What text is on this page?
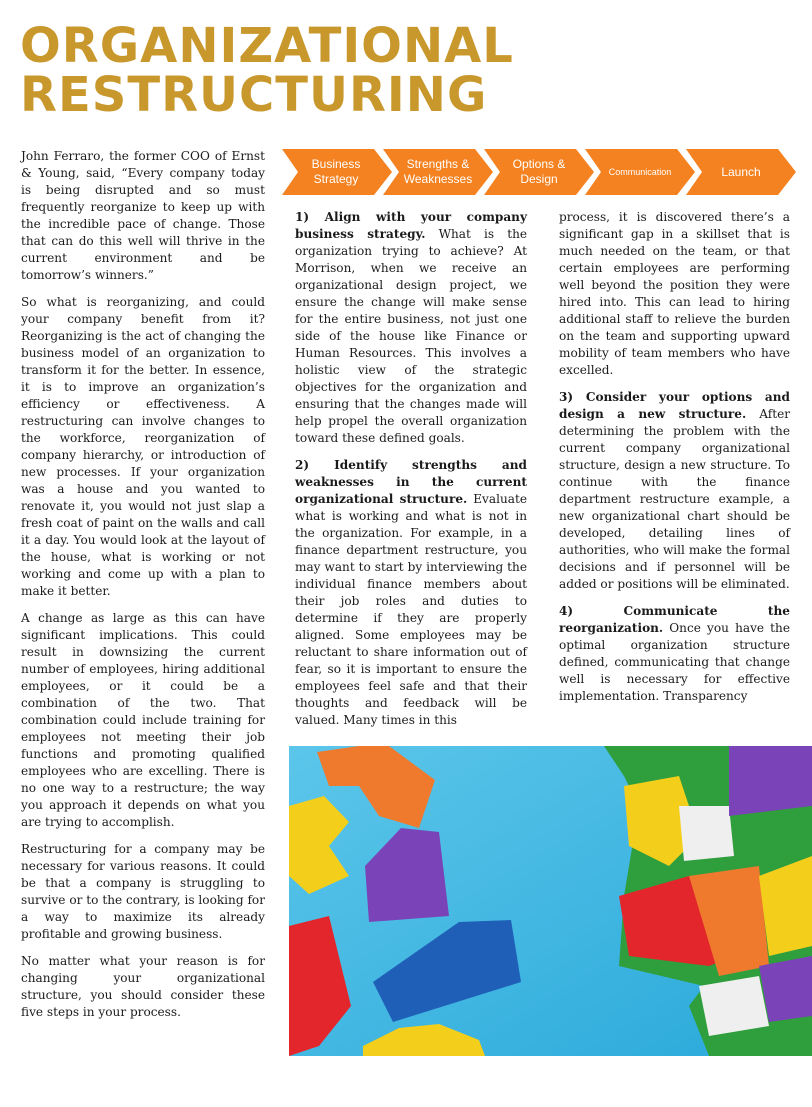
ORGANIZATIONAL
RESTRUCTURING
Business
Strategy
Strengths &
Weaknesses
Options &
Design
Communication	Launch

John Ferraro, the former COO of Ernst & Young, said, “Every company today is being disrupted and so must frequently reorganize to keep up with the incredible pace of change. Those that can do this well will thrive in the current environment and be tomorrow’s winners.”

So what is reorganizing, and could your company benefit from it? Reorganizing is the act of changing the business model of an organization to transform it for the better. In essence, it is to improve an organization’s efficiency or effectiveness. A restructuring can involve changes to the workforce, reorganization of company hierarchy, or introduction of new processes. If your organization was a house and you wanted to renovate it, you would not just slap a fresh coat of paint on the walls and call it a day. You would look at the layout of the house, what is working or not working and come up with a plan to make it better.

A change as large as this can have significant implications. This could result in downsizing the current number of employees, hiring additional employees, or it could be a combination of the two. That combination could include training for employees not meeting their job functions and promoting qualified employees who are excelling. There is no one way to a restructure; the way you approach it depends on what you are trying to accomplish.

Restructuring for a company may be necessary for various reasons. It could be that a company is struggling to survive or to the contrary, is looking for a way to maximize its already profitable and growing business.

No matter what your reason is for changing your organizational structure, you should consider these five steps in your process.

1) Align with your company business strategy. What is the organization trying to achieve? At Morrison, when we receive an organizational design project, we ensure the change will make sense for the entire business, not just one side of the house like Finance or Human Resources. This involves a holistic view of the strategic objectives for the organization and ensuring that the changes made will help propel the overall organization toward these defined goals.

2) Identify strengths and weaknesses in the current organizational structure. Evaluate what is working and what is not in the organization. For example, in a finance department restructure, you may want to start by interviewing the individual finance members about their job roles and duties to determine if they are properly aligned. Some employees may be reluctant to share information out of fear, so it is important to ensure the employees feel safe and that their thoughts and feedback will be valued. Many times in this

process, it is discovered there’s a significant gap in a skillset that is much needed on the team, or that certain employees are performing well beyond the position they were hired into. This can lead to hiring additional staff to relieve the burden on the team and supporting upward mobility of team members who have excelled.

3) Consider your options and design a new structure. After determining the problem with the current company organizational structure, design a new structure. To continue with the finance department restructure example, a new organizational chart should be developed, detailing lines of authorities, who will make the formal decisions and if personnel will be added or positions will be eliminated.

4) Communicate the reorganization. Once you have the optimal organization structure defined, communicating that change well is necessary for effective implementation. Transparency
